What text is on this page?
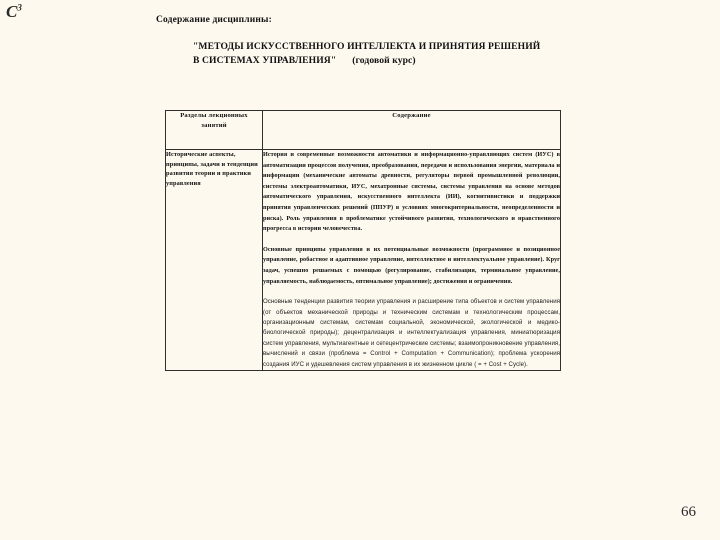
$C^3$
Содержание дисциплины:
"МЕТОДЫ ИСКУССТВЕННОГО ИНТЕЛЛЕКТА И ПРИНЯТИЯ РЕШЕНИЙ
В СИСТЕМАХ УПРАВЛЕНИЯ" (годовой курс)
Разделы лекционных занятий	Содержание

Исторические аспекты, принципы, задачи и тенденции развития теории и практики управления	История и современные возможности автоматики и информационно-управляющих систем (ИУС) в автоматизации процессов получения, преобразования, передачи и использования энергии, материала и информации (механические автоматы древности, регуляторы первой промышленной революции, системы электроавтоматики, ИУС, мехатронные системы, системы управления на основе методов автоматического управления, искусственного интеллекта (ИИ), когнитивистики и поддержки принятия управленческих решений (ППУР) в условиях многокритериальности, неопределенности и риска). Роль управления в проблематике устойчивого развития, технологического и нравственного прогресса в истории человечества.

Основные принципы управления и их потенциальные возможности (программное и позиционное управление, робастное и адаптивное управление, интеллектное и интеллектуальное управление). Круг задач, успешно решаемых с помощью (регулирование, стабилизация, терминальное управление, управляемость, наблюдаемость, оптимальное управление); достижения и ограничения.

Основные тенденции развития теории управления и расширение типа объектов и систем управления (от объектов механической природы и техническим системам и технологическим процессам, организационным системам, системам социальной, экономической, экологической и медико-биологической природы); децентрализация и интеллектуализация управления, миниатюризация систем управления, мультиагентные и сетецентрические системы; взаимопроникновение управления, вычислений и связи (проблема = Control + Computation + Communication); проблема ускорения создания ИУС и удешевления систем управления в их жизненном цикле ( = + Cost + Cycle).

66
